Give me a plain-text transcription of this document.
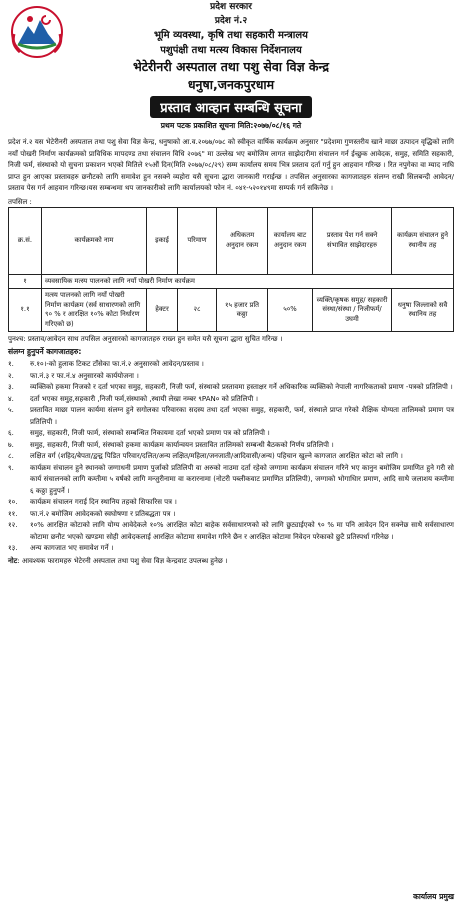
प्रदेश सरकार
प्रदेश नं.२
भूमि व्यवस्था, कृषि तथा सहकारी मन्त्रालय
पशुपंक्षी तथा मत्स्य विकास निर्देशनालय
भेटेरीनरी अस्पताल तथा पशु सेवा विज्ञ केन्द्र
धनुषा,जनकपुरधाम
प्रस्ताव आव्हान सम्बन्धि सूचना
प्रथम पटक प्रकाशित सूचना मिति:२०७७/०८/१६ गते

प्रदेश नं.२ यस भेटेरीनरी अस्पताल तथा पशु सेवा विज्ञ केन्द्र, धनुषाको आ.व.२०७७/०७८ को स्वीकृत वार्षिक कार्यक्रम अनुसार "प्रदेशमा गुणस्तरीय खाने माछा उत्पादन वृद्धिको लागि नयाँ पोखरी निर्माण कार्यक्रमको प्राविधिक मापदण्ड तथा संचालन विधि २०७६" मा उल्लेख भए बमोजिम लागत साझेदारीमा संचालन गर्न ईच्छुक आवेदक, समुह, समिति सहकारी, निजी फर्म, संस्थाको यो सुचना प्रकाशन भएको मितिले १५औं दिन(मिति २०७७/०८/२९) सम्म कार्यालय समय भित्र प्रस्ताव दर्ता गर्नु हुन आहवान गरिन्छ । रित नपुगेका वा म्याद नाघि प्राप्त हुन आएका प्रस्तावहरु छनौटको लागि समावेश हुन नसक्ने व्यहोरा यसै सूचना द्धारा जानकारी गराईन्छ । तपसिल अनुसारका कागजातहरु संलग्न राखी सिलबन्दी आवेदन/प्रस्ताव पेस गर्न आहवान गरिन्छ।यस सम्बन्धमा थप जानकारीको लागि कार्यालयको फोन नं. ०४१-५२०१४९मा सम्पर्क गर्न सकिनेछ ।

तपसिल :
क्र.सं.	कार्यक्रमको नाम	इकाई	परिमाण	अधिकतम अनुदान रकम	कार्यालय बाट अनुदान रकम	प्रस्ताव पेश गर्न सक्ने संभावित साझेदारहरु	कार्यक्रम संचालन हुने स्थानीय तह
१	व्यवसायिक मत्स्य पालनको लागि नयाँ पोखरी निर्माण कार्यक्रम						
१.१	मत्स्य पालनको लागि नयाँ पोखरी निर्माण कार्यक्रम (सर्व साधारणको लागि ९० % र आरक्षित १०% कोटा निर्धारण गरिएको छ)	हेक्टर	२८	१५ हजार प्रति कठ्ठा	५०%	व्यक्ति/कृषक समुह/ सहकारी संस्था/संस्था / निजीफर्म/ उघमी	धनुषा जिल्लाको सवै स्थानिय तह
पुनश्च: प्रस्ताव/आवेदन साथ तपसिल अनुसारको कागजातहरु राख्न हुन समेत यसै सूचना द्धारा सुचित गरिन्छ ।
संलग्न हुनुपर्ने कागजातहरु:
१.	रु.१०।-को हुलाक टिकट टाँसेका फा.नं.२ अनुसारको आवेदन/प्रस्ताव ।
२.	फा.नं.३ र फा.नं.४ अनुसारको कार्ययोजना ।
३.	व्यक्तिको हकमा निजको र दर्ता भएका समुह, सहकारी, निजी फर्म, संस्थाको प्रस्तावमा हस्ताक्षर गर्ने अधिकारिक व्यक्तिको नेपाली नागरिकताको प्रमाण -पत्रको प्रतिलिपी ।
४.	दर्ता भएका समुह,सहकारी ,निजी फर्म,संस्थाको ,स्थायी लेखा नम्बर ९PAN० को प्रतिलिपी ।
५.	प्रस्तावित माछा पालन कार्यमा संलग्न हुने सगोलका परिवारका सदस्य तथा दर्ता भएका समुह, सहकारी, फर्म, संस्थाले प्राप्त गरेको शैक्षिक योग्यता तालिमको प्रमाण पत्र प्रतिलिपी ।
६.	समुह, सहकारी, निजी फार्म, संस्थाको सम्बन्धित निकायमा दर्ता भएको प्रमाण पत्र को प्रतिलिपी ।
७.	समुह, सहकारी, निजी फार्म, संस्थाको हकमा कार्यक्रम कार्यान्वयन प्रस्तावित तालिमको सम्बन्धी बैठकको निर्णय प्रतिलिपी ।
८.	लक्षित वर्ग (शहिद/बेपता/द्वन्द्व पिडित परिवार/दलित/अन्य लक्षित/महिला/जनजाती/आदिवासी/अन्य) पहिचान खुल्ने कागजात आरक्षित कोटा को लागि ।
९.	कार्यक्रम संचालन हुने स्थानको जग्गाधनी प्रमाण पुर्जाको प्रतिलिपी वा अरुको नाउमा दर्ता रहेको जग्गामा कार्यक्रम संचालन गरिने भए कानुन बमोजिम प्रमाणित हुने गरी सो कार्य संचालनको लागि कम्तीमा ५ वर्षको लागि मन्जुरीनामा वा करारनामा (नोटरी पब्लीकवाट प्रमाणित प्रतिलिपी), जग्गाको भोगाधिार प्रमाण, आदि साथै जलाशय कम्तीमा ६ कठ्ठा हुनुपर्ने ।
१०.	कार्यक्रम संचालन गराई दिन स्थानिय तहको सिफारिस पत्र ।
११.	फा.नं.२ बमोजिम आवेदकको स्वघोषणा र प्रतिबद्धता पत्र ।
१२.	१०% आरक्षित कोटाको लागि योग्य आवेदेकले १०% आरक्षित कोटा बाहेक सर्वसाधारणको को लागि छुट्याईएको ९० % मा पनि आवेदन दिन सक्नेछ साथै सर्वसाधारण कोटामा छनौट भएको खण्डमा सोही आवेदकलाई आरक्षित कोटामा समावेश गरिने छैन र आरक्षित कोटामा निवेदन परेकाको छुटै प्रतिस्पर्धा गरिनेछ ।
१३.	अन्य कागजात भए समावेश गर्ने ।
नोट: आवश्यक फारामहरु भेटेरनी अस्पताल तथा पशु सेवा विज्ञ केन्द्रवाट उपलब्ध हुनेछ ।
कार्यालय प्रमुख
